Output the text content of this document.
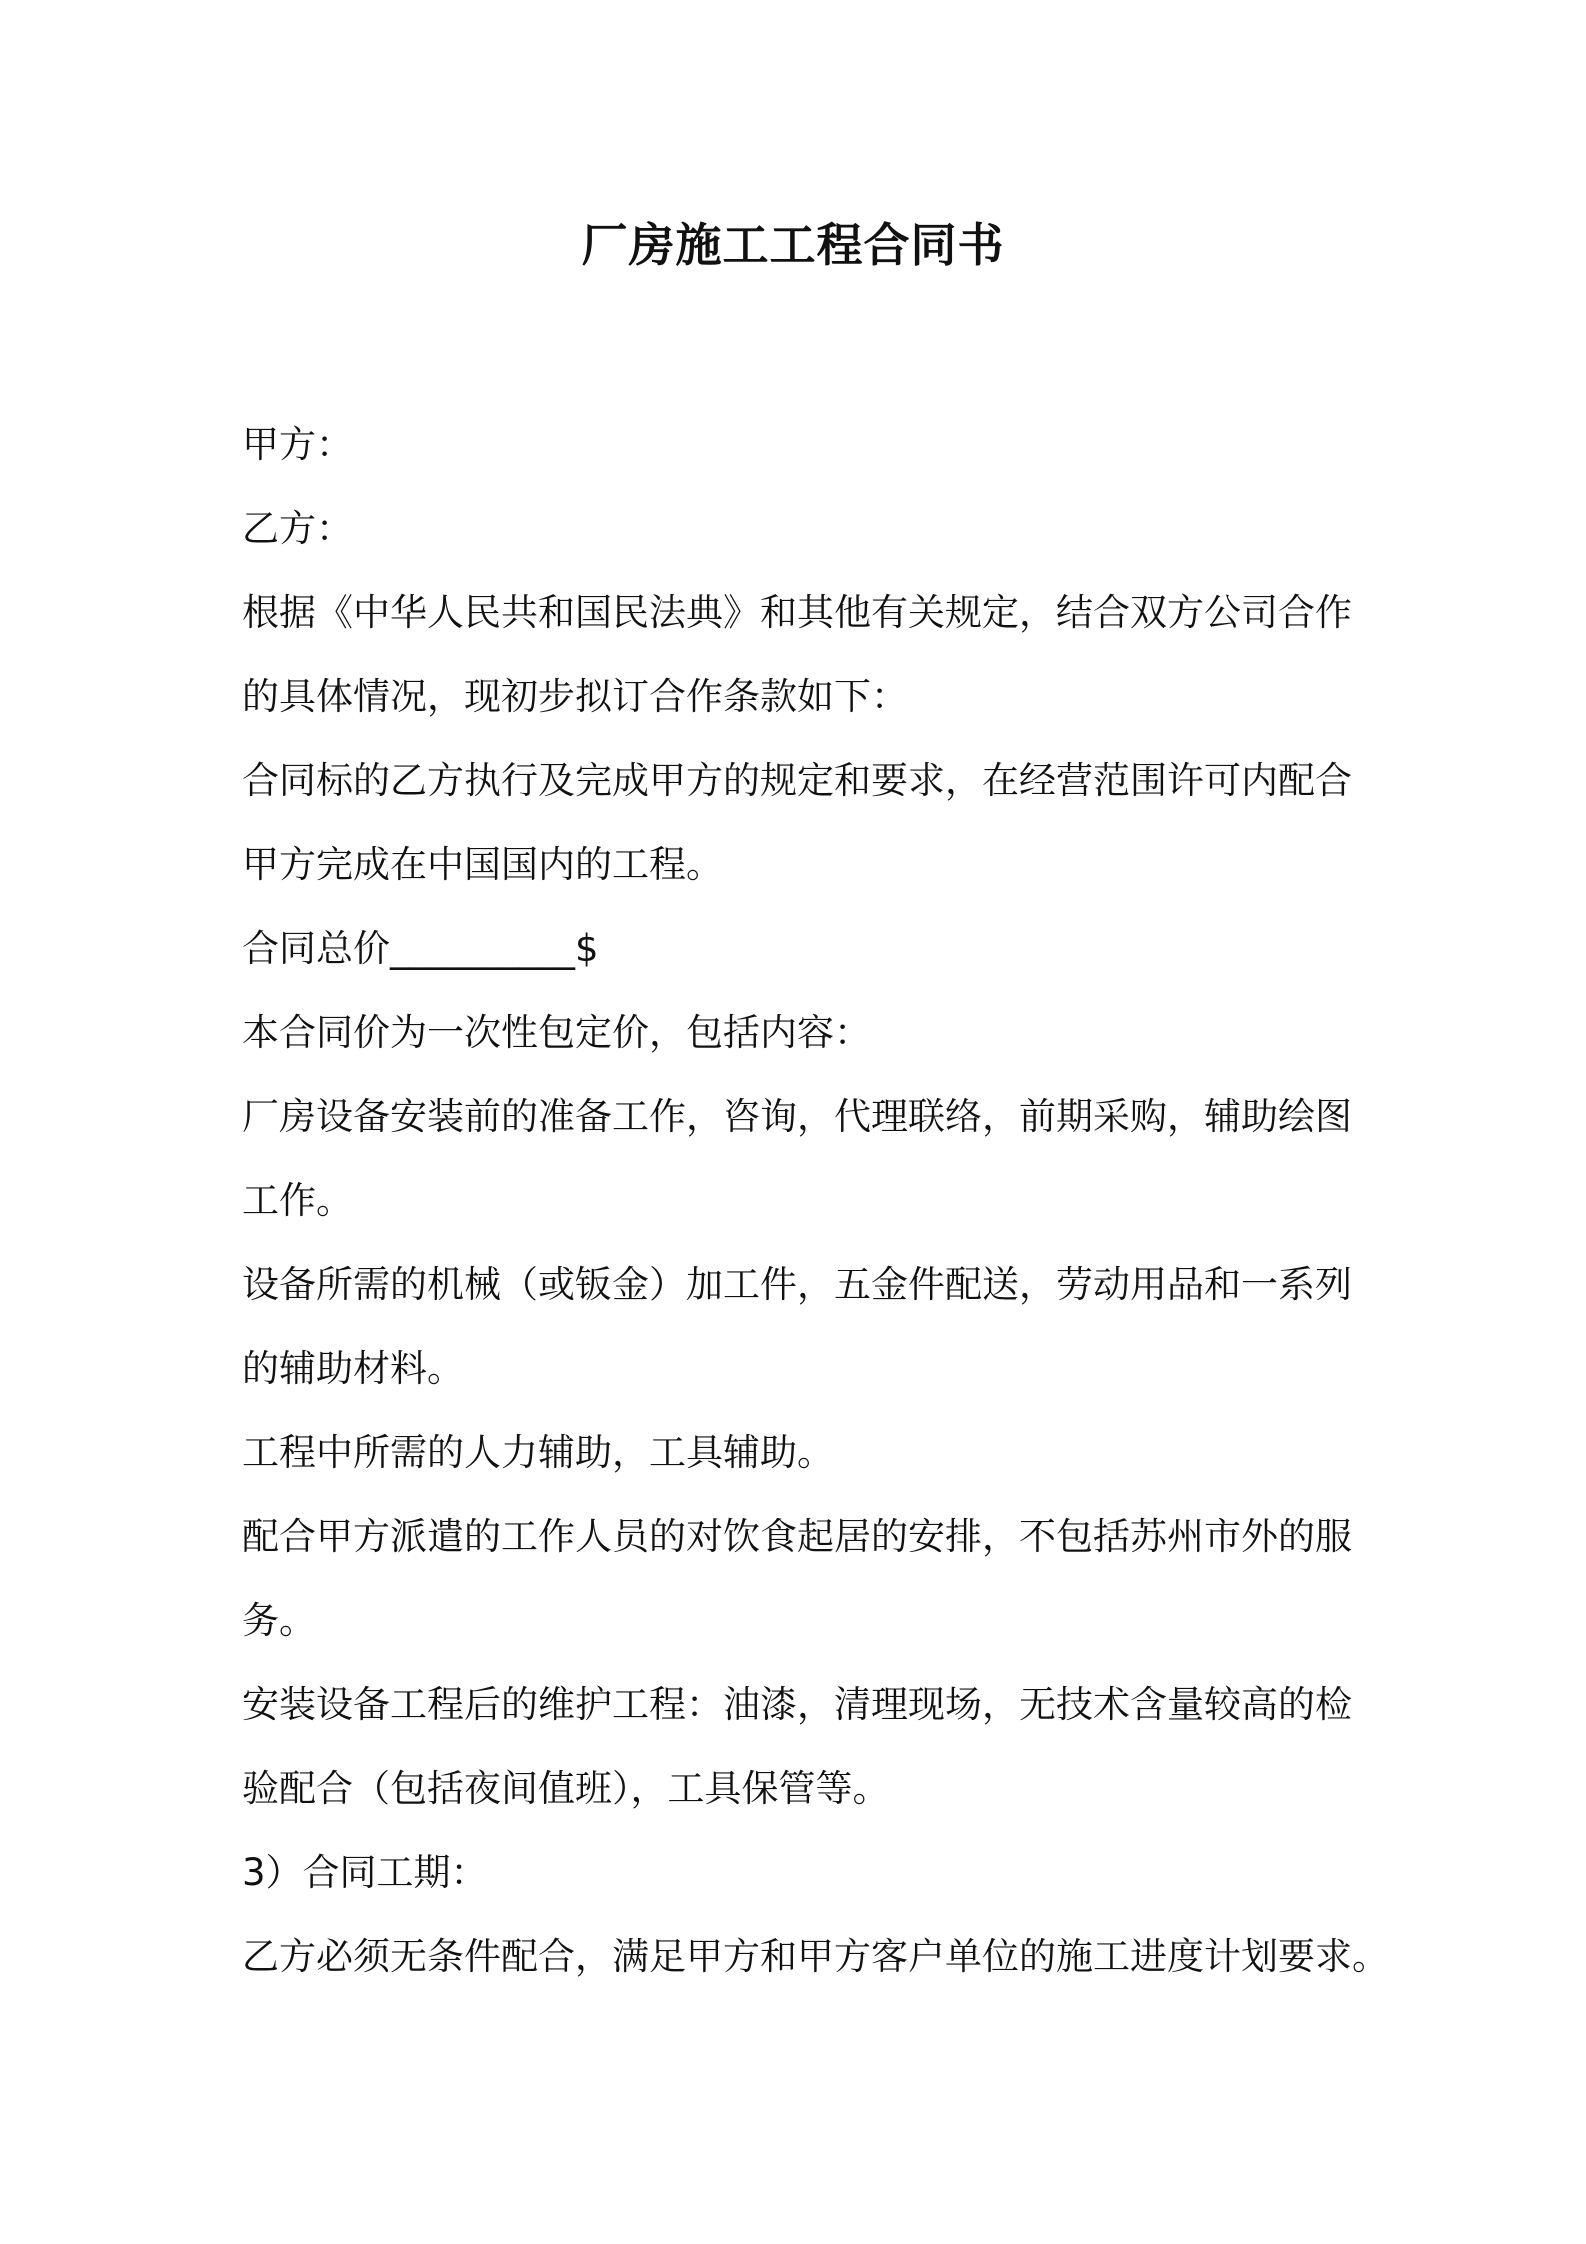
厂房施工工程合同书

甲方：

乙方：

根据《中华人民共和国民法典》和其他有关规定，结合双方公司合作

的具体情况，现初步拟订合作条款如下：

合同标的乙方执行及完成甲方的规定和要求，在经营范围许可内配合

甲方完成在中国国内的工程。

合同总价__________$

本合同价为一次性包定价，包括内容：

厂房设备安装前的准备工作，咨询，代理联络，前期采购，辅助绘图

工作。

设备所需的机械（或钣金）加工件，五金件配送，劳动用品和一系列

的辅助材料。

工程中所需的人力辅助，工具辅助。

配合甲方派遣的工作人员的对饮食起居的安排，不包括苏州市外的服

务。

安装设备工程后的维护工程：油漆，清理现场，无技术含量较高的检

验配合（包括夜间值班），工具保管等。

3）合同工期：

乙方必须无条件配合，满足甲方和甲方客户单位的施工进度计划要求。
